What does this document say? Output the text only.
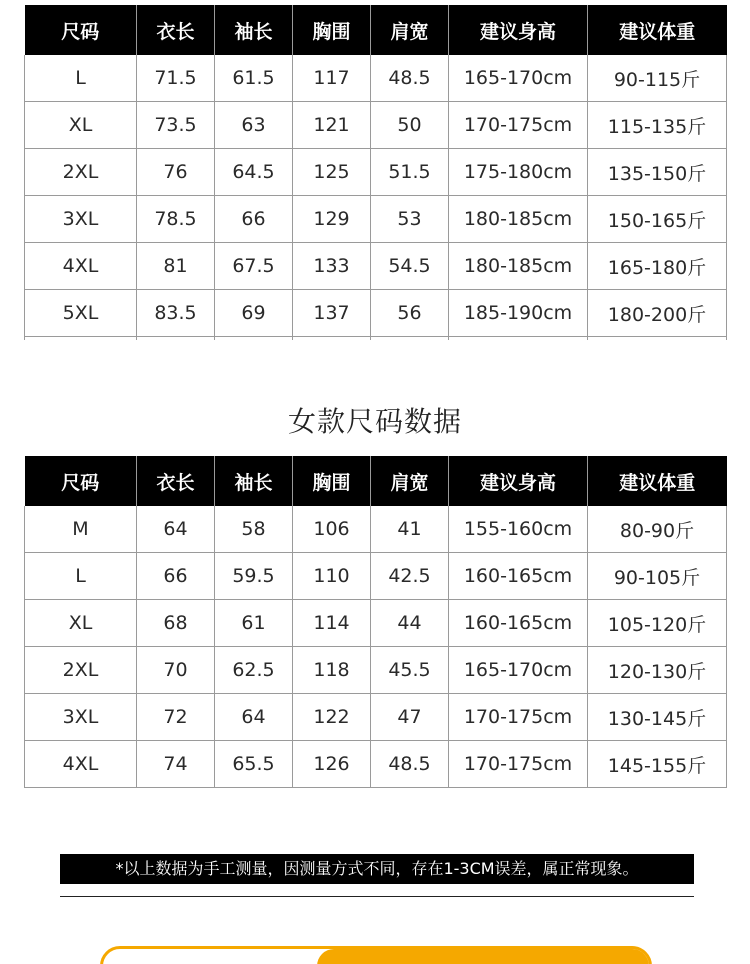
尺码	衣长	袖长	胸围	肩宽	建议身高	建议体重
L	71.5	61.5	117	48.5	165-170cm	90-115斤
XL	73.5	63	121	50	170-175cm	115-135斤
2XL	76	64.5	125	51.5	175-180cm	135-150斤
3XL	78.5	66	129	53	180-185cm	150-165斤
4XL	81	67.5	133	54.5	180-185cm	165-180斤
5XL	83.5	69	137	56	185-190cm	180-200斤

女款尺码数据
尺码	衣长	袖长	胸围	肩宽	建议身高	建议体重
M	64	58	106	41	155-160cm	80-90斤
L	66	59.5	110	42.5	160-165cm	90-105斤
XL	68	61	114	44	160-165cm	105-120斤
2XL	70	62.5	118	45.5	165-170cm	120-130斤
3XL	72	64	122	47	170-175cm	130-145斤
4XL	74	65.5	126	48.5	170-175cm	145-155斤
*以上数据为手工测量，因测量方式不同，存在1-3CM误差，属正常现象。
